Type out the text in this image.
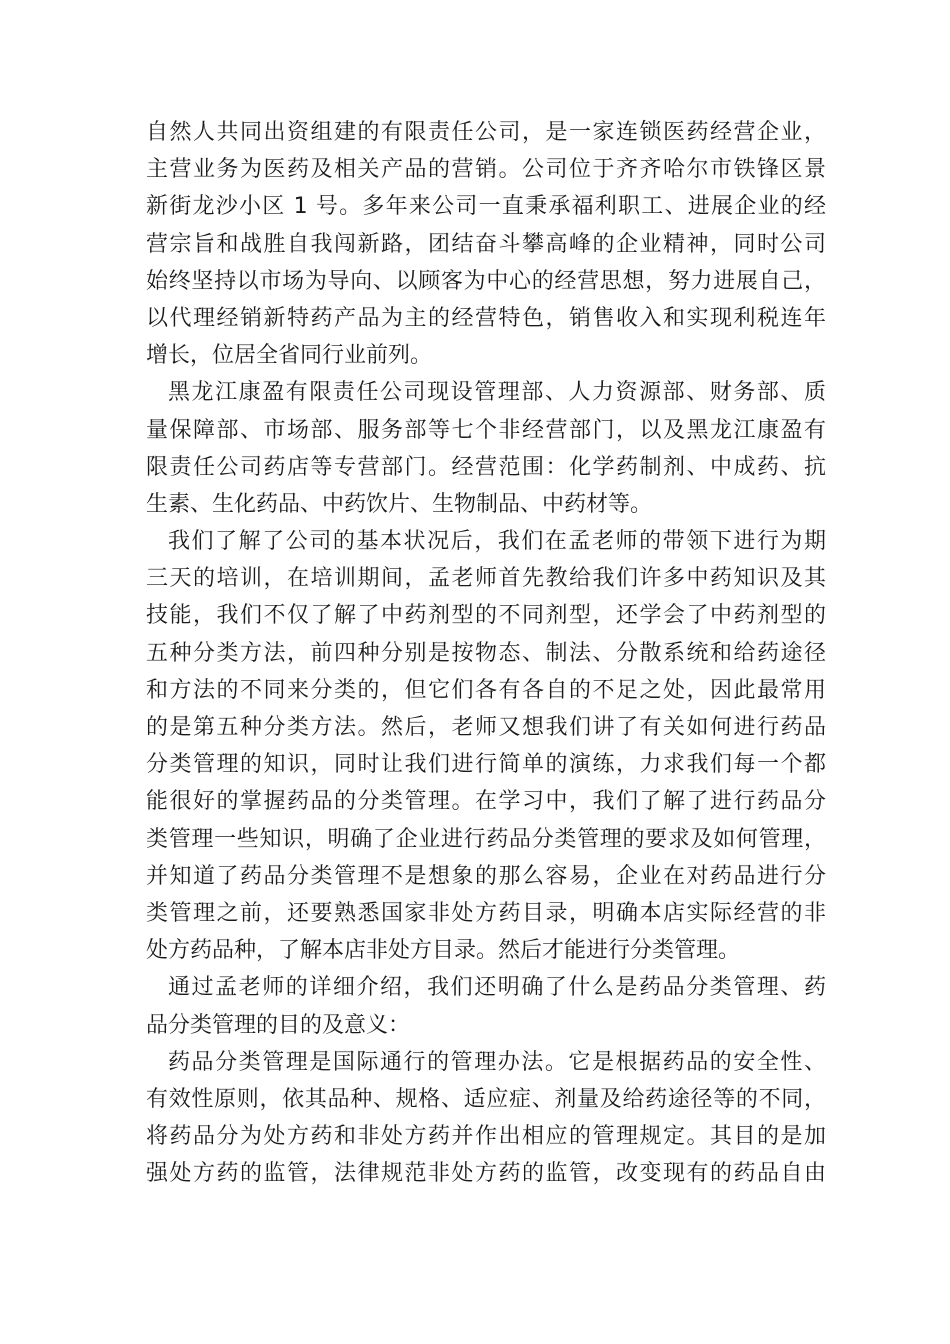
自然人共同出资组建的有限责任公司，是一家连锁医药经营企业，
主营业务为医药及相关产品的营销。公司位于齐齐哈尔市铁锋区景
新街龙沙小区 1 号。多年来公司一直秉承福利职工、进展企业的经
营宗旨和战胜自我闯新路，团结奋斗攀高峰的企业精神，同时公司
始终坚持以市场为导向、以顾客为中心的经营思想，努力进展自己，
以代理经销新特药产品为主的经营特色，销售收入和实现利税连年
增长，位居全省同行业前列。
黑龙江康盈有限责任公司现设管理部、人力资源部、财务部、质
量保障部、市场部、服务部等七个非经营部门，以及黑龙江康盈有
限责任公司药店等专营部门。经营范围：化学药制剂、中成药、抗
生素、生化药品、中药饮片、生物制品、中药材等。
我们了解了公司的基本状况后，我们在孟老师的带领下进行为期
三天的培训，在培训期间，孟老师首先教给我们许多中药知识及其
技能，我们不仅了解了中药剂型的不同剂型，还学会了中药剂型的
五种分类方法，前四种分别是按物态、制法、分散系统和给药途径
和方法的不同来分类的，但它们各有各自的不足之处，因此最常用
的是第五种分类方法。然后，老师又想我们讲了有关如何进行药品
分类管理的知识，同时让我们进行简单的演练，力求我们每一个都
能很好的掌握药品的分类管理。在学习中，我们了解了进行药品分
类管理一些知识，明确了企业进行药品分类管理的要求及如何管理，
并知道了药品分类管理不是想象的那么容易，企业在对药品进行分
类管理之前，还要熟悉国家非处方药目录，明确本店实际经营的非
处方药品种，了解本店非处方目录。然后才能进行分类管理。
通过孟老师的详细介绍，我们还明确了什么是药品分类管理、药
品分类管理的目的及意义：
药品分类管理是国际通行的管理办法。它是根据药品的安全性、
有效性原则，依其品种、规格、适应症、剂量及给药途径等的不同，
将药品分为处方药和非处方药并作出相应的管理规定。其目的是加
强处方药的监管，法律规范非处方药的监管，改变现有的药品自由
